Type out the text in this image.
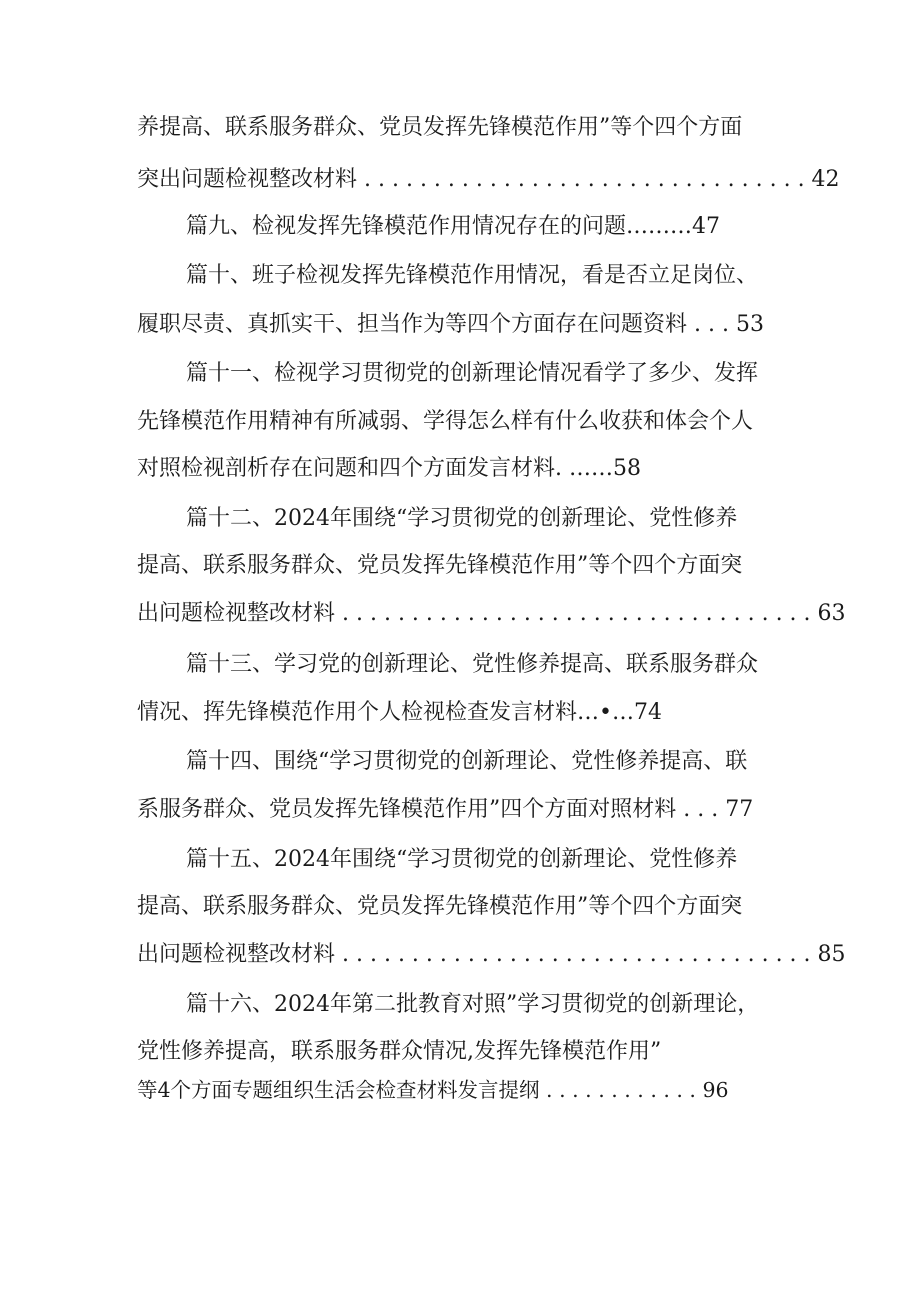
养提高、联系服务群众、党员发挥先锋模范作用”等个四个方面
突出问题检视整改材料 . . . . . . . . . . . . . . . . . . . . . . . . . . . . . . . . 42
篇九、检视发挥先锋模范作用情况存在的问题………47
篇十、班子检视发挥先锋模范作用情况，看是否立足岗位、
履职尽责、真抓实干、担当作为等四个方面存在问题资料 . . . 53
篇十一、检视学习贯彻党的创新理论情况看学了多少、发挥
先锋模范作用精神有所减弱、学得怎么样有什么收获和体会个人
对照检视剖析存在问题和四个方面发言材料. ……58
篇十二、2024年围绕“学习贯彻党的创新理论、党性修养
提高、联系服务群众、党员发挥先锋模范作用”等个四个方面突
出问题检视整改材料 . . . . . . . . . . . . . . . . . . . . . . . . . . . . . . . . . . 63
篇十三、学习党的创新理论、党性修养提高、联系服务群众
情况、挥先锋模范作用个人检视检查发言材料…•…74
篇十四、围绕“学习贯彻党的创新理论、党性修养提高、联
系服务群众、党员发挥先锋模范作用”四个方面对照材料 . . . 77
篇十五、2024年围绕“学习贯彻党的创新理论、党性修养
提高、联系服务群众、党员发挥先锋模范作用”等个四个方面突
出问题检视整改材料 . . . . . . . . . . . . . . . . . . . . . . . . . . . . . . . . . . 85
篇十六、2024年第二批教育对照”学习贯彻党的创新理论，
党性修养提高，联系服务群众情况,发挥先锋模范作用”
等4个方面专题组织生活会检查材料发言提纲 . . . . . . . . . . . . 96
